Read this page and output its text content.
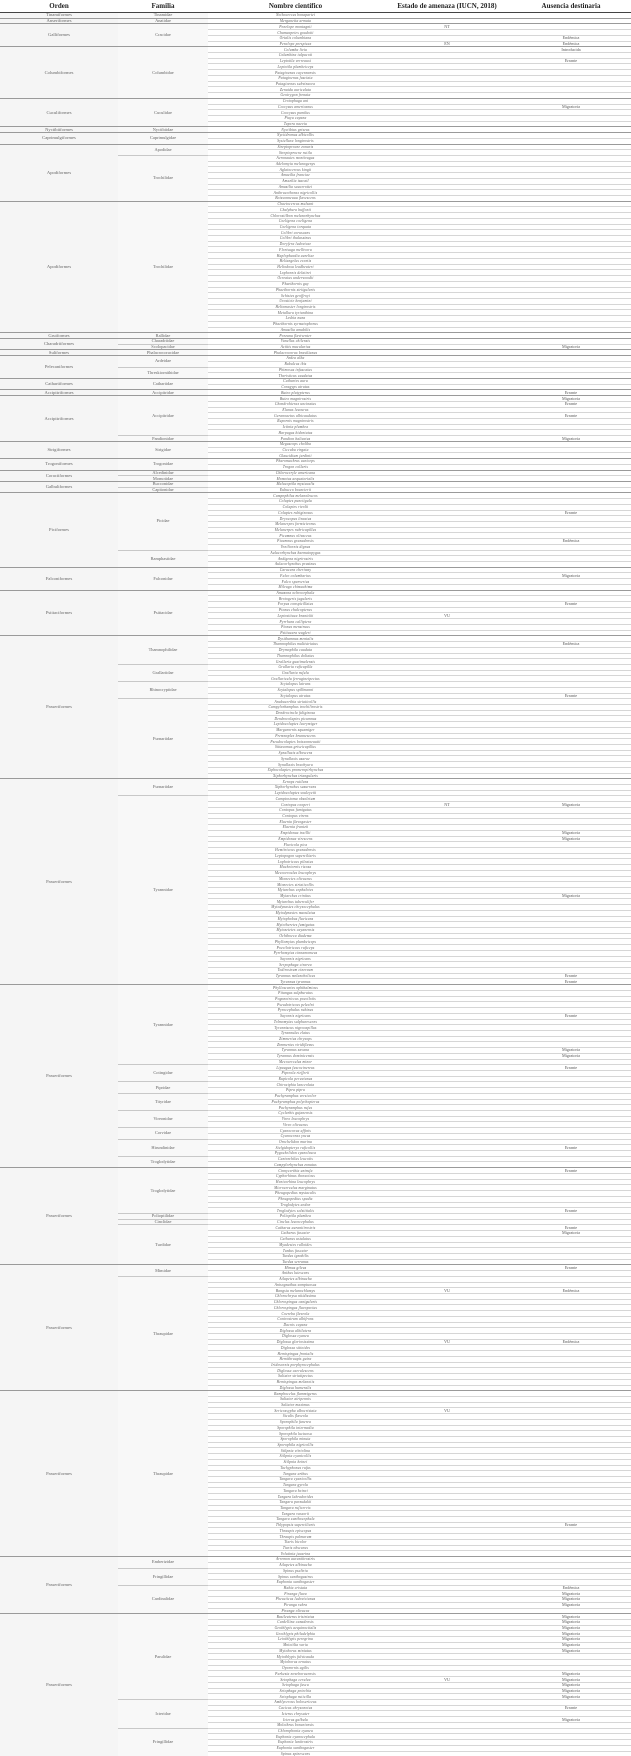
Orden	Familia	Nombre científico	Estado de amenaza (IUCN, 2018)	Ausencia destinaria
Tinamiformes	Tinamidae	Nothocercus bonapartei		
Anseriformes	Anatidae	Merganetta armata		
Galliformes	Cracidae	Penelope montagnii	NT	
		Chamaepetes goudotii		
		Ortalis columbiana		Endémica
		Penelope perspicax	EN	Endémica
Columbiformes	Columbidae	Columba livia		Introducida
		Columbina talpacoti		
		Leptotila verreauxi		Errante
		Leptotila plumbeiceps		
		Patagioenas cayennensis		
		Patagioenas fasciata		
		Patagioenas subvinacea		
		Zenaida auriculata		
		Geotrygon frenata		
Cuculiformes	Cuculidae	Crotophaga ani		
		Coccyzus americanus		Migratoria
		Coccyzus pumilus		
		Piaya cayana		
		Tapera naevia		
Nyctibiiformes	Nyctibiidae	Nyctibius griseus		
Caprimulgiformes	Caprimulgidae	Nyctidromus albicollis		
		Systellura longirostris		
Apodiformes	Apodidae	Streptoprocne zonaris		
		Streptoprocne rutila		
	Trochilidae	Aeronautes montivagus		
		Adelomyia melanogenys		
		Aglaiocercus kingii		
		Amazilia franciae		
		Amazilia tzacatl		
		Amazilia saucerottei		
		Anthracothorax nigricollis		
		Boissonneaua flavescens		
Apodiformes	Trochilidae	Chaetocercus mulsant		
		Chalybura buffonii		
		Chlorostilbon melanorhynchus		
		Coeligena coeligena		
		Coeligena torquata		
		Colibri coruscans		
		Colibri thalassinus		
		Doryfera ludovicae		
		Florisuga mellivora		
		Haplophaedia aureliae		
		Heliangelus exortis		
		Heliodoxa leadbeateri		
		Lophornis delattrei		
		Ocreatus underwoodii		
		Phaethornis guy		
		Phaethornis striigularis		
		Schistes geoffroyi		
		Urosticte benjamini		
		Heliomaster longirostris		
		Metallura tyrianthina		
		Lesbia nuna		
		Phaethornis syrmatophorus		
		Amazilia amabilis		
Gruiformes	Rallidae	Porzana flaviventer		
Charadriiformes	Charadriidae	Vanellus chilensis		
	Scolopacidae	Actitis macularius		Migratoria
Suliformes	Phalacrocoracidae	Phalacrocorax brasilianus		
Pelecaniformes	Ardeidae	Ardea alba		
		Bubulcus ibis		
	Threskiornithidae	Phimosus infuscatus		
		Theristicus caudatus		
Cathartiformes	Cathartidae	Cathartes aura		
		Coragyps atratus		
Accipitriformes	Accipitridae	Buteo platypterus		Errante
Accipitriformes	Accipitridae	Buteo magnirostris		Migratoria
		Chondrohierax uncinatus		Errante
		Elanus leucurus		
		Geranoaetus albicaudatus		Errante
		Rupornis magnirostris		
		Ictinia plumbea		
		Harpagus bidentatus		
	Pandionidae	Pandion haliaetus		Migratoria
Strigiformes	Strigidae	Megascops choliba		
		Ciccaba virgata		
		Glaucidium jardinii		
Trogoniformes	Trogonidae	Pharomachrus auriceps		
		Trogon collaris		
Coraciiformes	Alcedinidae	Chloroceryle americana		
	Momotidae	Momotus aequatorialis		
Galbuliformes	Bucconidae	Malacoptila mystacalis		
	Capitonidae	Eubucco bourcierii		
Piciformes	Picidae	Campephilus melanoleucos		
		Colaptes punctigula		
		Colaptes rivolii		
		Colaptes rubiginosus		Errante
		Dryocopus lineatus		
		Melanerpes formicivorus		
		Melanerpes rubricapillus		
		Picumnus olivaceus		
		Picumnus granadensis		Endémica
		Veniliornis dignus		
	Ramphastidae	Aulacorhynchus haematopygus		
		Andigena nigrirostris		
		Aulacorhynchus prasinus		
Falconiformes	Falconidae	Caracara cheriway		
		Falco columbarius		Migratoria
		Falco sparverius		
		Milvago chimachima		
Psittaciformes	Psittacidae	Amazona ochrocephala		
		Brotogeris jugularis		
		Forpus conspicillatus		Errante
		Pionus chalcopterus		
		Leptosittaca branickii	VU	
		Pyrrhura calliptera		
		Pionus menstruus		
		Psittacara wagleri		
Passeriformes	Thamnophilidae	Dysithamnus mentalis		
		Thamnophilus multistriatus		Endémica
		Drymophila caudata		
		Thamnophilus doliatus		
		Grallaria guatimalensis		
	Grallariidae	Grallaria ruficapilla		
		Grallaria rufula		
		Grallaricula ferrugineipectus		
	Rhinocryptidae	Scytalopus latrans		
		Scytalopus spillmanni		
		Scytalopus atratus		Errante
	Furnariidae	Anabacerthia striaticollis		
		Campylorhamphus trochilirostris		
		Dendrocincla fuliginosa		
		Dendrocolaptes picumnus		
		Lepidocolaptes lacrymiger		
		Margarornis squamiger		
		Premnoplex brunnescens		
		Pseudocolaptes boissonneautii		
		Sittasomus griseicapillus		
		Synallaxis albescens		
		Synallaxis azarae		
		Synallaxis brachyura		
		Xiphocolaptes promeropirhynchus		
		Xiphorhynchus triangularis		
Passeriformes	Furnariidae	Xenops rutilans		
		Xiphorhynchus susurrans		
		Lepidocolaptes souleyetii		
	Tyrannidae	Camptostoma obsoletum		
		Contopus cooperi	NT	Migratoria
		Contopus fumigatus		
		Contopus virens		
		Elaenia flavogaster		
		Elaenia frantzii		
		Empidonax traillii		Migratoria
		Empidonax virescens		Migratoria
		Fluvicola pica		
		Hemitriccus granadensis		
		Leptopogon superciliaris		
		Lophotriccus pileatus		
		Machetornis rixosa		
		Mecocerculus leucophrys		
		Mionectes olivaceus		
		Mionectes striaticollis		
		Myiarchus cephalotes		
		Myiarchus crinitus		Migratoria
		Myiarchus tuberculifer		
		Myiodynastes chrysocephalus		
		Myiodynastes maculatus		
		Myiophobus flavicans		
		Myiotheretes fumigatus		
		Myiozetetes cayanensis		
		Ochthoeca diadema		
		Phyllomyias plumbeiceps		
		Poecilotriccus ruficeps		
		Pyrrhomyias cinnamomeus		
		Sayornis nigricans		
		Serpophaga cinerea		
		Todirostrum cinereum		
		Tyrannus melancholicus		Errante
		Tyrannus tyrannus		Errante
Passeriformes	Tyrannidae	Phylloscartes ophthalmicus		
		Pitangus sulphuratus		
		Pogonotriccus poecilotis		
		Pseudotriccus pelzelni		
		Pyrocephalus rubinus		
		Sayornis nigricans		Errante
		Tolmomyias sulphurescens		
		Tyranniscus nigrocapillus		
		Tyrannulus elatus		
		Zimmerius chrysops		
		Zimmerius viridiflavus		
		Tyrannus savana		Migratoria
		Tyrannus dominicensis		Migratoria
		Mecocerculus minor		
	Cotingidae	Lipaugus fuscocinereus		Errante
		Pipreola riefferii		
		Rupicola peruvianus		
	Pipridae	Chiroxiphia lanceolata		
		Pipra pipra		
	Tityridae	Pachyramphus versicolor		
		Pachyramphus polychopterus		
		Pachyramphus rufus		
	Vireonidae	Cyclarhis gujanensis		
		Vireo leucophrys		
		Vireo olivaceus		
	Corvidae	Cyanocorax affinis		
		Cyanocorax yncas		
	Hirundinidae	Orochelidon murina		
		Stelgidopteryx ruficollis		Errante
		Pygochelidon cyanoleuca		
	Troglodytidae	Cantorchilus leucotis		
		Campylorhynchus zonatus		
Passeriformes	Troglodytidae	Cinnycerthia unirufa		Errante
		Cyphorhinus thoracicus		
		Henicorhina leucophrys		
		Microcerculus marginatus		
		Pheugopedius mystacalis		
		Pheugopedius spadix		
		Troglodytes aedon		
		Troglodytes solstitialis		Errante
	Polioptilidae	Polioptila plumbea		
	Cinclidae	Cinclus leucocephalus		
	Turdidae	Catharus aurantiirostris		Errante
		Catharus fuscater		Migratoria
		Catharus ustulatus		
		Myadestes ralloides		
		Turdus fuscater		
		Turdus ignobilis		
		Turdus serranus		
Passeriformes	Mimidae	Mimus gilvus		Errante
		Anthus lutescens		
	Thraupidae	Atlapetes albinucha		
		Anisognathus somptuosus		
		Bangsia melanochlamys	VU	Endémica
		Chlorochrysa nitidissima		
		Chlorospingus canigularis		
		Chlorospingus flavopectus		
		Coereba flaveola		
		Conirostrum albifrons		
		Dacnis cayana		
		Diglossa albilatera		
		Diglossa cyanea		
		Diglossa gloriosissima	VU	Endémica
		Diglossa sittoides		
		Hemispingus frontalis		
		Hemithraupis guira		
		Iridosornis porphyrocephalus		
		Diglossa caerulescens		
		Saltator striatipectus		
		Hemispingus melanotis		
		Diglossa humeralis		
Passeriformes	Thraupidae	Ramphocelus flammigerus		
		Saltator atripennis		
		Saltator maximus		
		Sericossypha albocristata	VU	
		Sicalis flaveola		
		Sporophila funerea		
		Sporophila intermedia		
		Sporophila luctuosa		
		Sporophila minuta		
		Sporophila nigricollis		
		Stilpnia vitriolina		
		Stilpnia cyanicollis		
		Stilpnia heinei		
		Tachyphonus rufus		
		Tangara arthus		
		Tangara cyanicollis		
		Tangara gyrola		
		Tangara heinei		
		Tangara labradorides		
		Tangara parzudakii		
		Tangara ruficervix		
		Tangara vassorii		
		Tangara xanthocephala		
		Thlypopsis superciliaris		Errante
		Thraupis episcopus		
		Thraupis palmarum		
		Tiaris bicolor		
		Tiaris obscurus		
		Volatinia jacarina		
Passeriformes	Emberizidae	Arremon aurantiirostris		
		Atlapetes albinucha		
	Fringillidae	Spinus psaltria		
		Spinus xanthogastrus		
		Euphonia xanthogaster		
	Cardinalidae	Habia cristata		Endémica
		Piranga flava		Migratoria
		Pheucticus ludovicianus		Migratoria
		Piranga rubra		Migratoria
		Piranga olivacea		
Passeriformes	Parulidae	Basileuterus tristriatus		Migratoria
		Cardellina canadensis		Migratoria
		Geothlypis aequinoctialis		Migratoria
		Geothlypis philadelphia		Migratoria
		Leiothlypis peregrina		Migratoria
		Mniotilta varia		Migratoria
		Myioborus miniatus		Migratoria
		Myiothlypis fulvicauda		
		Myioborus ornatus		
		Oporornis agilis		
		Parkesia noveboracensis		Migratoria
		Setophaga cerulea	VU	Migratoria
		Setophaga fusca		Migratoria
		Setophaga petechia		Migratoria
		Setophaga ruticilla		Migratoria
	Icteridae	Amblycercus holosericeus		
		Cacicus chrysonotus		Errante
		Icterus chrysater		
		Icterus galbula		Migratoria
		Molothrus bonariensis		
	Fringillidae	Chlorophonia cyanea		
		Euphonia cyanocephala		
		Euphonia laniirostris		
		Euphonia xanthogaster		
		Spinus spinescens		
